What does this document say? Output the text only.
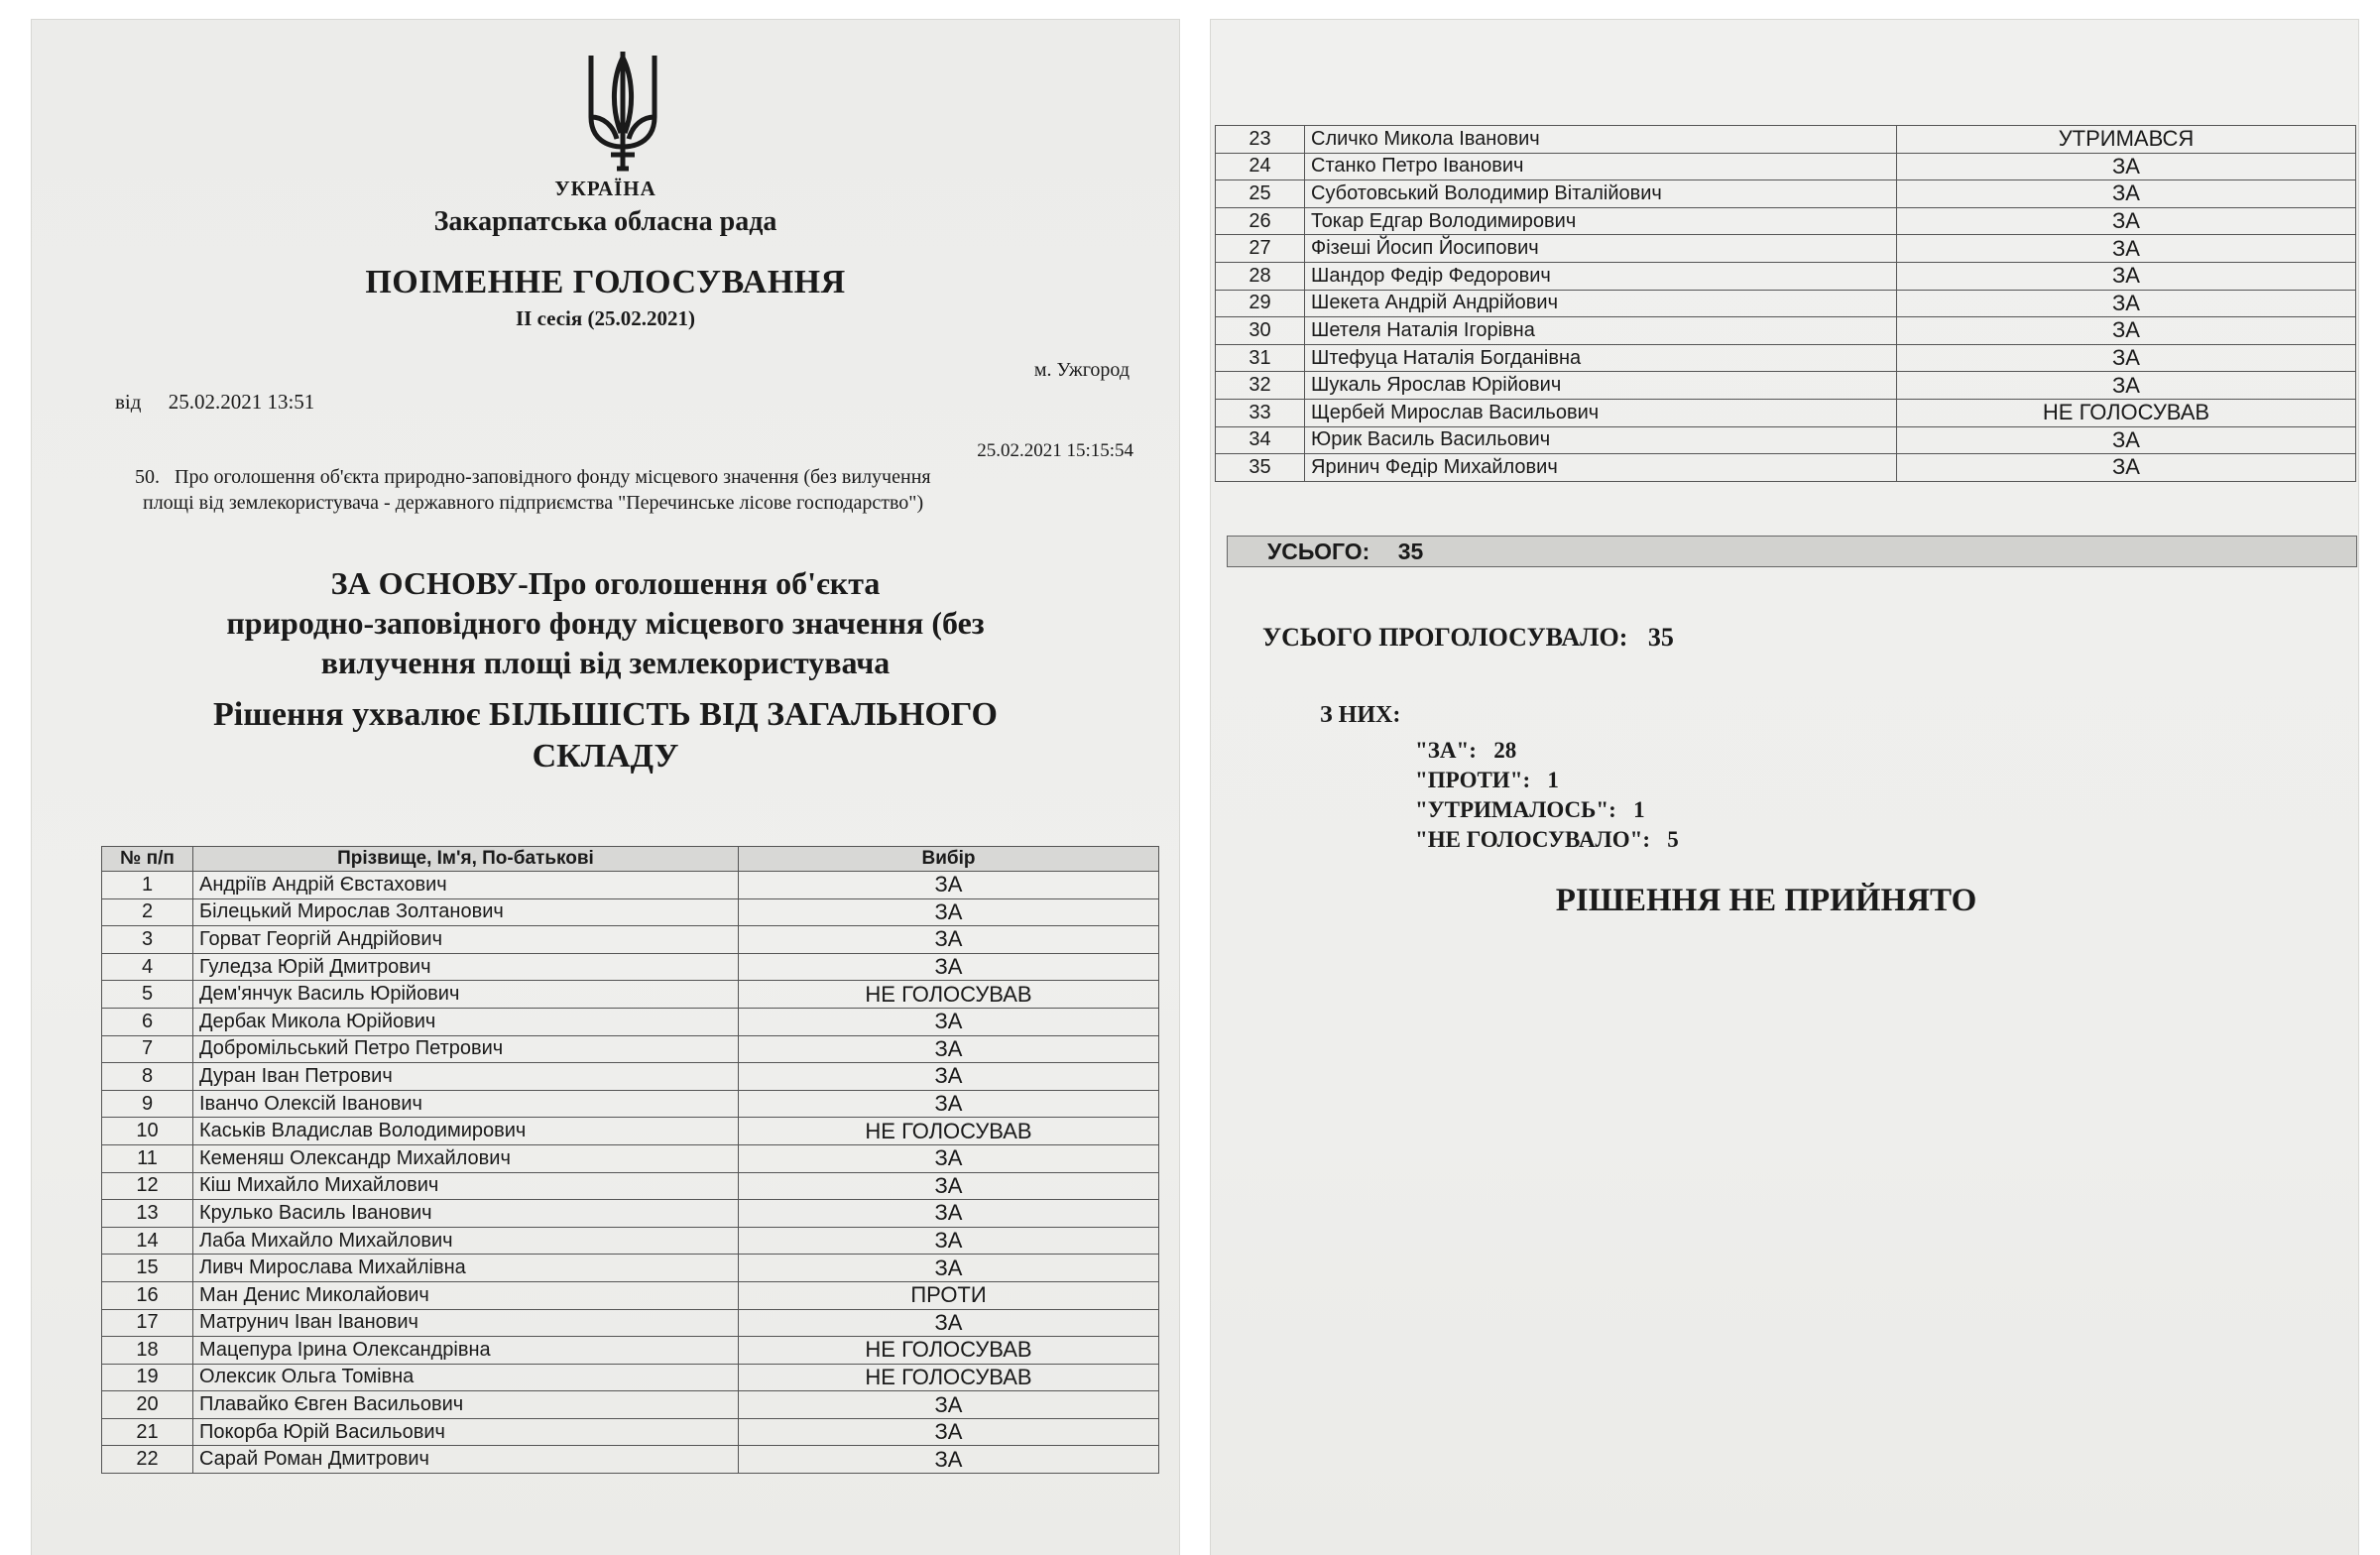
УКРАЇНА
Закарпатська обласна рада
ПОІМЕННЕ ГОЛОСУВАННЯ
II сесія (25.02.2021)
м. Ужгород
від 25.02.2021 13:51
25.02.2021 15:15:54
50. Про оголошення об'єкта природно-заповідного фонду місцевого значення (без вилучення
площі від землекористувача - державного підприємства "Перечинське лісове господарство")
ЗА ОСНОВУ-Про оголошення об'єкта
природно-заповідного фонду місцевого значення (без
вилучення площі від землекористувача
Рішення ухвалює БІЛЬШІСТЬ ВІД ЗАГАЛЬНОГО
СКЛАДУ
№ п/п	Прізвище, Ім'я, По-батькові	Вибір
1	Андріїв Андрій Євстахович	ЗА
2	Білецький Мирослав Золтанович	ЗА
3	Горват Георгій Андрійович	ЗА
4	Гуледза Юрій Дмитрович	ЗА
5	Дем'янчук Василь Юрійович	НЕ ГОЛОСУВАВ
6	Дербак Микола Юрійович	ЗА
7	Добромільський Петро Петрович	ЗА
8	Дуран Іван Петрович	ЗА
9	Іванчо Олексій Іванович	ЗА
10	Каськів Владислав Володимирович	НЕ ГОЛОСУВАВ
11	Кеменяш Олександр Михайлович	ЗА
12	Кіш Михайло Михайлович	ЗА
13	Крулько Василь Іванович	ЗА
14	Лаба Михайло Михайлович	ЗА
15	Ливч Мирослава Михайлівна	ЗА
16	Ман Денис Миколайович	ПРОТИ
17	Матрунич Іван Іванович	ЗА
18	Мацепура Ірина Олександрівна	НЕ ГОЛОСУВАВ
19	Олексик Ольга Томівна	НЕ ГОЛОСУВАВ
20	Плавайко Євген Васильович	ЗА
21	Покорба Юрій Васильович	ЗА
22	Сарай Роман Дмитрович	ЗА
23	Сличко Микола Іванович	УТРИМАВСЯ
24	Станко Петро Іванович	ЗА
25	Суботовський Володимир Віталійович	ЗА
26	Токар Едгар Володимирович	ЗА
27	Фізеші Йосип Йосипович	ЗА
28	Шандор Федір Федорович	ЗА
29	Шекета Андрій Андрійович	ЗА
30	Шетеля Наталія Ігорівна	ЗА
31	Штефуца Наталія Богданівна	ЗА
32	Шукаль Ярослав Юрійович	ЗА
33	Щербей Мирослав Васильович	НЕ ГОЛОСУВАВ
34	Юрик Василь Васильович	ЗА
35	Яринич Федір Михайлович	ЗА
УСЬОГО: 35
УСЬОГО ПРОГОЛОСУВАЛО: 35
З НИХ:
"ЗА": 28
"ПРОТИ": 1
"УТРИМАЛОСЬ": 1
"НЕ ГОЛОСУВАЛО": 5
РІШЕННЯ НЕ ПРИЙНЯТО
